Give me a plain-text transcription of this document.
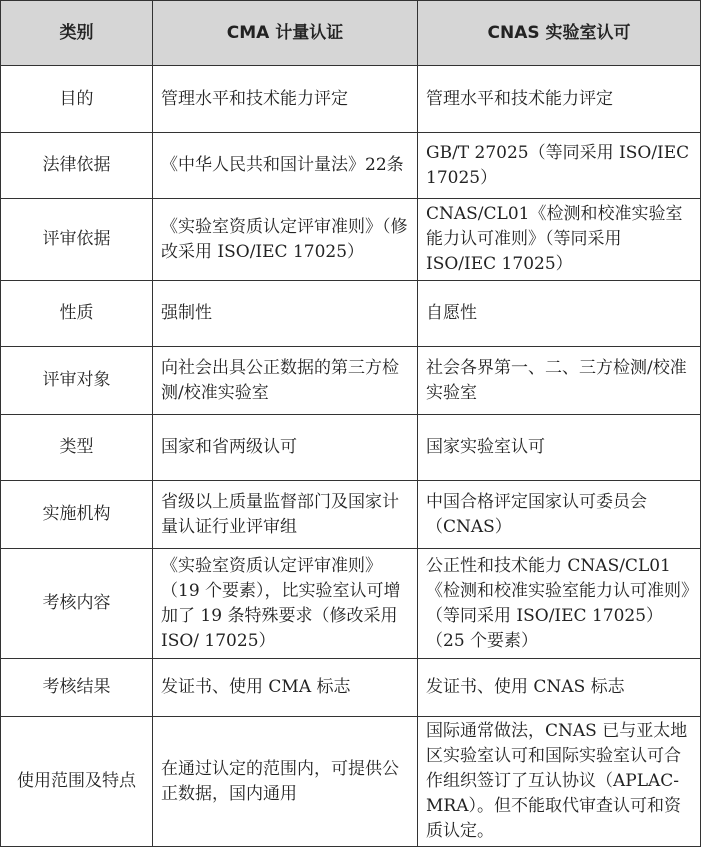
类别	CMA 计量认证	CNAS 实验室认可
目的	管理水平和技术能力评定	管理水平和技术能力评定
法律依据	《中华人民共和国计量法》22条	GB/T 27025（等同采用 ISO/IEC 17025）
评审依据	《实验室资质认定评审准则》（修改采用 ISO/IEC 17025）	CNAS/CL01《检测和校准实验室能力认可准则》（等同采用 ISO/IEC 17025）
性质	强制性	自愿性
评审对象	向社会出具公正数据的第三方检测/校准实验室	社会各界第一、二、三方检测/校准实验室
类型	国家和省两级认可	国家实验室认可
实施机构	省级以上质量监督部门及国家计量认证行业评审组	中国合格评定国家认可委员会（CNAS）
考核内容	《实验室资质认定评审准则》（19 个要素），比实验室认可增加了 19 条特殊要求（修改采用 ISO/ 17025）	公正性和技术能力 CNAS/CL01《检测和校准实验室能力认可准则》（等同采用 ISO/IEC 17025）（25 个要素）
考核结果	发证书、使用 CMA 标志	发证书、使用 CNAS 标志
使用范围及特点	在通过认定的范围内，可提供公正数据，国内通用	国际通常做法，CNAS 已与亚太地区实验室认可和国际实验室认可合作组织签订了互认协议（APLAC-MRA）。但不能取代审查认可和资质认定。
